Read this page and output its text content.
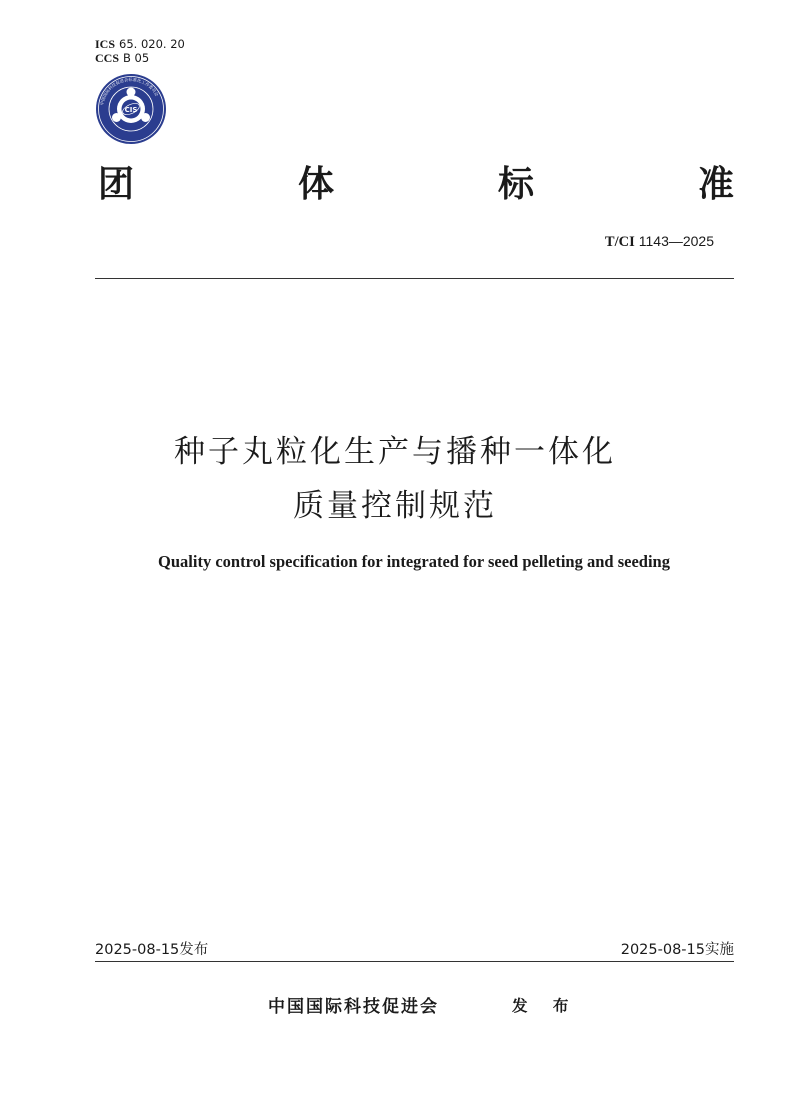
ICS 65. 020. 20
CCS B 05
中国国际科技促进会标准化工作委员会
CIS
团	体	标	准
T/CI 1143—2025
种子丸粒化生产与播种一体化
质量控制规范
Quality control specification for integrated for seed pelleting and seeding
2025-08-15发布	2025-08-15实施
中国国际科技促进会	发 布
